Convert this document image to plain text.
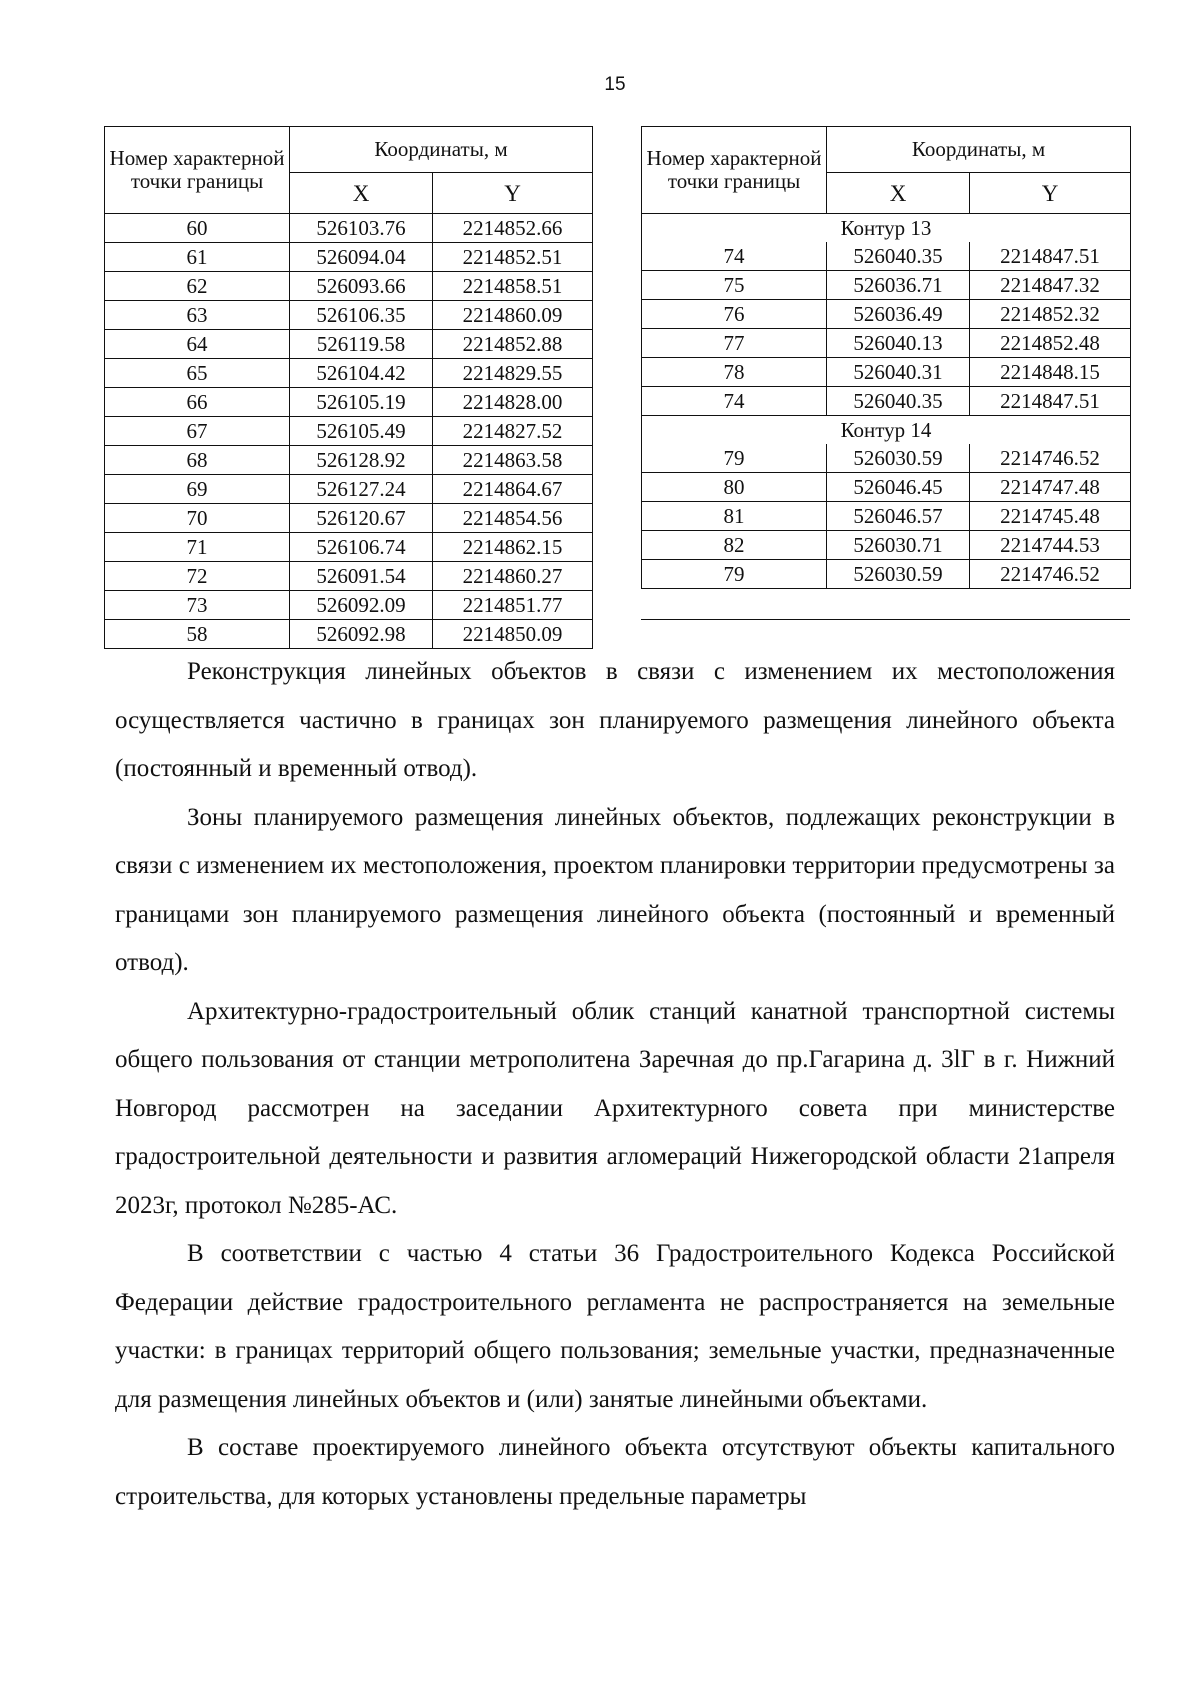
15
Номер характерной точки границы	Координаты, м	
	X	Y
60	526103.76	2214852.66
61	526094.04	2214852.51
62	526093.66	2214858.51
63	526106.35	2214860.09
64	526119.58	2214852.88
65	526104.42	2214829.55
66	526105.19	2214828.00
67	526105.49	2214827.52
68	526128.92	2214863.58
69	526127.24	2214864.67
70	526120.67	2214854.56
71	526106.74	2214862.15
72	526091.54	2214860.27
73	526092.09	2214851.77
58	526092.98	2214850.09
Номер характерной точки границы	Координаты, м	
	X	Y
Контур 13		
74	526040.35	2214847.51
75	526036.71	2214847.32
76	526036.49	2214852.32
77	526040.13	2214852.48
78	526040.31	2214848.15
74	526040.35	2214847.51
Контур 14		
79	526030.59	2214746.52
80	526046.45	2214747.48
81	526046.57	2214745.48
82	526030.71	2214744.53
79	526030.59	2214746.52

Реконструкция линейных объектов в связи с изменением их местоположения осуществляется частично в границах зон планируемого размещения линейного объекта (постоянный и временный отвод).

Зоны планируемого размещения линейных объектов, подлежащих реконструкции в связи с изменением их местоположения, проектом планировки территории предусмотрены за границами зон планируемого размещения линейного объекта (постоянный и временный отвод).

Архитектурно-градостроительный облик станций канатной транспортной системы общего пользования от станции метрополитена Заречная до пр.Гагарина д. 3lГ в г. Нижний Новгород рассмотрен на заседании Архитектурного совета при министерстве градостроительной деятельности и развития агломераций Нижегородской области 21апреля 2023г, протокол №285-АС.

В соответствии с частью 4 статьи 36 Градостроительного Кодекса Российской Федерации действие градостроительного регламента не распространяется на земельные участки: в границах территорий общего пользования; земельные участки, предназначенные для размещения линейных объектов и (или) занятые линейными объектами.

В составе проектируемого линейного объекта отсутствуют объекты капитального строительства, для которых установлены предельные параметры
